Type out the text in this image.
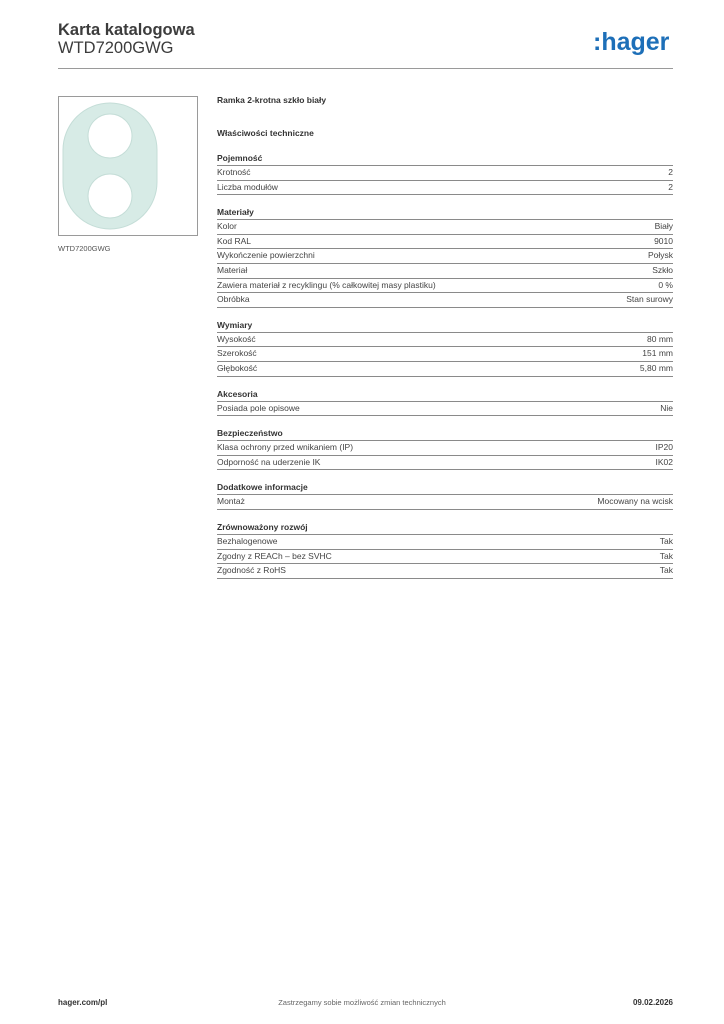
Karta katalogowa
WTD7200GWG	:hager
WTD7200GWG
Ramka 2-krotna szkło biały
Właściwości techniczne
Pojemność
Krotność	2
Liczba modułów	2
Materiały
Kolor	Biały
Kod RAL	9010
Wykończenie powierzchni	Połysk
Materiał	Szkło
Zawiera materiał z recyklingu (% całkowitej masy plastiku)	0 %
Obróbka	Stan surowy
Wymiary
Wysokość	80 mm
Szerokość	151 mm
Głębokość	5,80 mm
Akcesoria
Posiada pole opisowe	Nie
Bezpieczeństwo
Klasa ochrony przed wnikaniem (IP)	IP20
Odporność na uderzenie IK	IK02
Dodatkowe informacje
Montaż	Mocowany na wcisk
Zrównoważony rozwój
Bezhalogenowe	Tak
Zgodny z REACh – bez SVHC	Tak
Zgodność z RoHS	Tak
hager.com/pl	Zastrzegamy sobie możliwość zmian technicznych	09.02.2026
